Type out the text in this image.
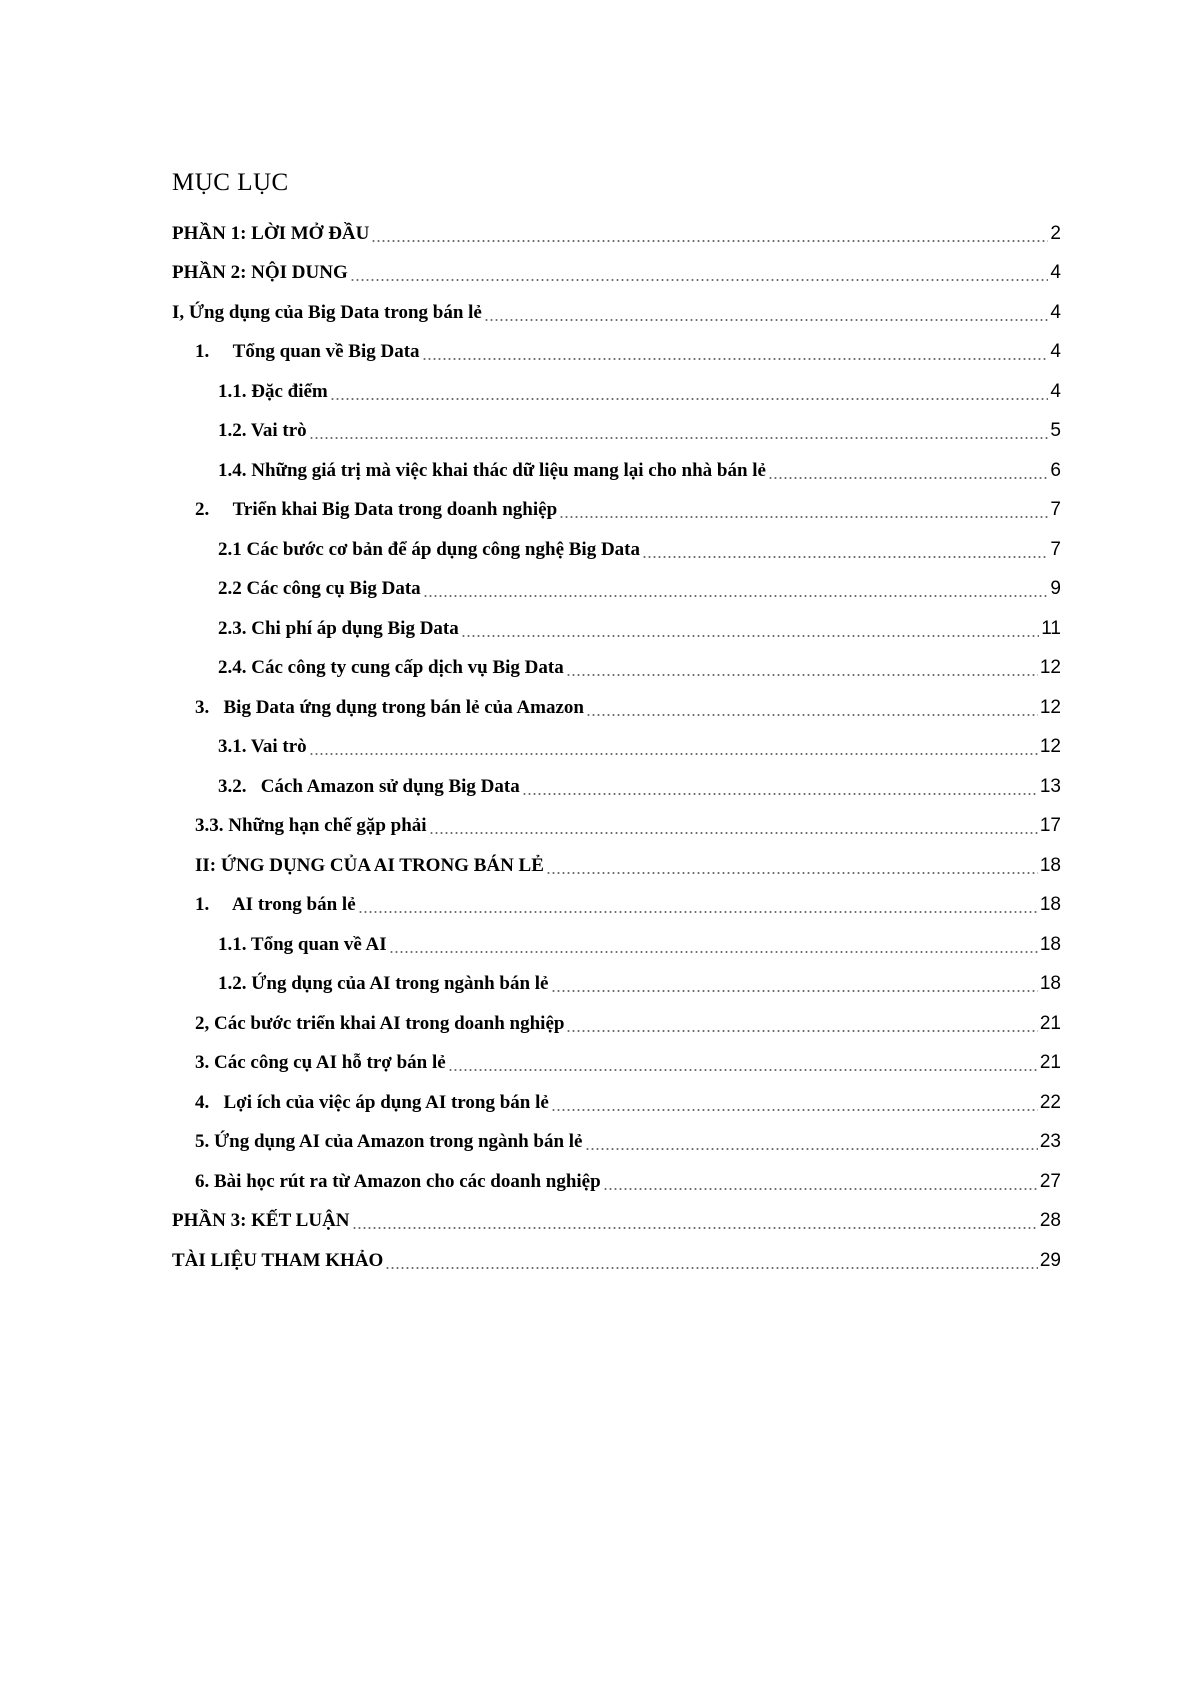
MỤC LỤC
PHẦN 1: LỜI MỞ ĐẦU	2
PHẦN 2: NỘI DUNG	4
I, Ứng dụng của Big Data trong bán lẻ	4
1.  Tổng quan về Big Data	4
1.1. Đặc điểm	4
1.2. Vai trò	5
1.4. Những giá trị mà việc khai thác dữ liệu mang lại cho nhà bán lẻ	6
2.  Triển khai Big Data trong doanh nghiệp	7
2.1 Các bước cơ bản để áp dụng công nghệ Big Data	7
2.2 Các công cụ Big Data	9
2.3. Chi phí áp dụng Big Data	11
2.4. Các công ty cung cấp dịch vụ Big Data	12
3.  Big Data ứng dụng trong bán lẻ của Amazon	12
3.1. Vai trò	12
3.2.  Cách Amazon sử dụng Big Data	13
3.3. Những hạn chế gặp phải	17
II: ỨNG DỤNG CỦA AI TRONG BÁN LẺ	18
1.  AI trong bán lẻ	18
1.1. Tổng quan về AI	18
1.2. Ứng dụng của AI trong ngành bán lẻ	18
2, Các bước triển khai AI trong doanh nghiệp	21
3. Các công cụ AI hỗ trợ bán lẻ	21
4.  Lợi ích của việc áp dụng AI trong bán lẻ	22
5. Ứng dụng AI của Amazon trong ngành bán lẻ	23
6. Bài học rút ra từ Amazon cho các doanh nghiệp	27
PHẦN 3: KẾT LUẬN	28
TÀI LIỆU THAM KHẢO	29
